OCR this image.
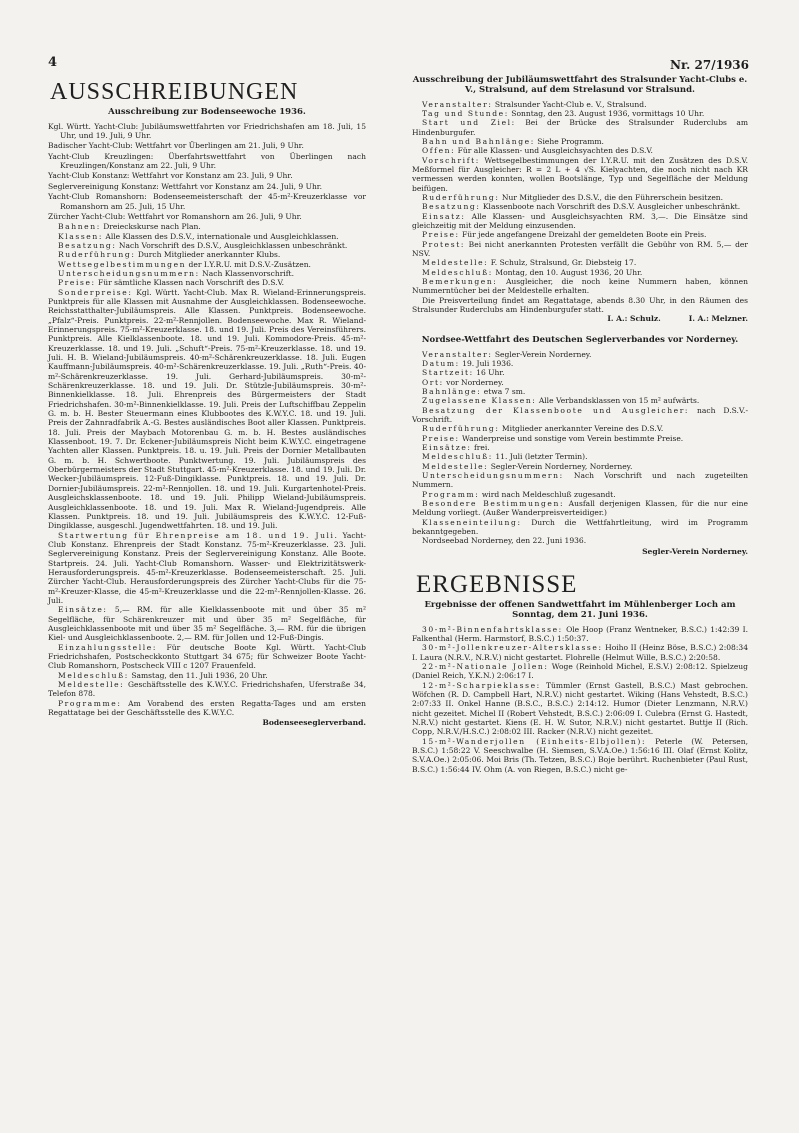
4	Nr. 27/1936
AUSSCHREIBUNGEN
Ausschreibung zur Bodenseewoche 1936.

Kgl. Württ. Yacht-Club: Jubiläumswettfahrten vor Friedrichshafen am 18. Juli, 15 Uhr, und 19. Juli, 9 Uhr.

Badischer Yacht-Club: Wettfahrt vor Überlingen am 21. Juli, 9 Uhr.

Yacht-Club Kreuzlingen: Überfahrtswettfahrt von Überlingen nach Kreuzlingen/Konstanz am 22. Juli, 9 Uhr.

Yacht-Club Konstanz: Wettfahrt vor Konstanz am 23. Juli, 9 Uhr.

Seglervereinigung Konstanz: Wettfahrt vor Konstanz am 24. Juli, 9 Uhr.

Yacht-Club Romanshorn: Bodenseemeisterschaft der 45-m²-Kreuzerklasse vor Romanshorn am 25. Juli, 15 Uhr.

Zürcher Yacht-Club: Wettfahrt vor Romanshorn am 26. Juli, 9 Uhr.

Bahnen: Dreieckskurse nach Plan.

Klassen: Alle Klassen des D.S.V., internationale und Ausgleichklassen.

Besatzung: Nach Vorschrift des D.S.V., Ausgleichklassen unbeschränkt.

Ruderführung: Durch Mitglieder anerkannter Klubs.

Wettsegelbestimmungen der I.Y.R.U. mit D.S.V.-Zusätzen.

Unterscheidungsnummern: Nach Klassenvorschrift.

Preise: Für sämtliche Klassen nach Vorschrift des D.S.V.

Sonderpreise: Kgl. Württ. Yacht-Club. Max R. Wieland-Erinnerungspreis. Punktpreis für alle Klassen mit Ausnahme der Ausgleichklassen. Bodenseewoche. Reichsstatthalter-Jubiläumspreis. Alle Klassen. Punktpreis. Bodenseewoche. „Pfalz“-Preis. Punktpreis. 22-m²-Rennjollen. Bodenseewoche. Max R. Wieland-Erinnerungspreis. 75-m²-Kreuzerklasse. 18. und 19. Juli. Preis des Vereinsführers. Punktpreis. Alle Kielklassenboote. 18. und 19. Juli. Kommodore-Preis. 45-m²-Kreuzerklasse. 18. und 19. Juli. „Schuft“-Preis. 75-m²-Kreuzerklasse. 18. und 19. Juli. H. B. Wieland-Jubiläumspreis. 40-m²-Schärenkreuzerklasse. 18. Juli. Eugen Kauffmann-Jubiläumspreis. 40-m²-Schärenkreuzerklasse. 19. Juli. „Ruth“-Preis. 40-m²-Schärenkreuzerklasse. 19. Juli. Gerhard-Jubiläumspreis. 30-m²-Schärenkreuzerklasse. 18. und 19. Juli. Dr. Stützle-Jubiläumspreis. 30-m²-Binnenkielklasse. 18. Juli. Ehrenpreis des Bürgermeisters der Stadt Friedrichshafen. 30-m²-Binnenkielklasse. 19. Juli. Preis der Luftschiffbau Zeppelin G. m. b. H. Bester Steuermann eines Klubbootes des K.W.Y.C. 18. und 19. Juli. Preis der Zahnradfabrik A.-G. Bestes ausländisches Boot aller Klassen. Punktpreis. 18. Juli. Preis der Maybach Motorenbau G. m. b. H. Bestes ausländisches Klassenboot. 19. 7. Dr. Eckener-Jubiläumspreis Nicht beim K.W.Y.C. eingetragene Yachten aller Klassen. Punktpreis. 18. u. 19. Juli. Preis der Dornier Metallbauten G. m. b. H. Schwertboote. Punktwertung. 19. Juli. Jubiläumspreis des Oberbürgermeisters der Stadt Stuttgart. 45-m²-Kreuzerklasse. 18. und 19. Juli. Dr. Wecker-Jubiläumspreis. 12-Fuß-Dingiklasse. Punktpreis. 18. und 19. Juli. Dr. Dornier-Jubiläumspreis. 22-m²-Rennjollen. 18. und 19. Juli. Kurgartenhotel-Preis. Ausgleichsklassenboote. 18. und 19. Juli. Philipp Wieland-Jubiläumspreis. Ausgleichklassenboote. 18. und 19. Juli. Max R. Wieland-Jugendpreis. Alle Klassen. Punktpreis. 18. und 19. Juli. Jubiläumspreis des K.W.Y.C. 12-Fuß-Dingiklasse, ausgeschl. Jugendwettfahrten. 18. und 19. Juli.

Startwertung für Ehrenpreise am 18. und 19. Juli. Yacht-Club Konstanz. Ehrenpreis der Stadt Konstanz. 75-m²-Kreuzerklasse. 23. Juli. Seglervereinigung Konstanz. Preis der Seglervereinigung Konstanz. Alle Boote. Startpreis. 24. Juli. Yacht-Club Romanshorn. Wasser- und Elektrizitätswerk-Herausforderungspreis. 45-m²-Kreuzerklasse. Bodenseemeisterschaft. 25. Juli. Zürcher Yacht-Club. Herausforderungspreis des Zürcher Yacht-Clubs für die 75-m²-Kreuzer-Klasse, die 45-m²-Kreuzerklasse und die 22-m²-Rennjollen-Klasse. 26. Juli.

Einsätze: 5,— RM. für alle Kielklassenboote mit und über 35 m² Segelfläche, für Schärenkreuzer mit und über 35 m² Segelfläche, für Ausgleichklassenboote mit und über 35 m² Segelfläche. 3,— RM. für die übrigen Kiel- und Ausgleichklassenboote. 2,— RM. für Jollen und 12-Fuß-Dingis.

Einzahlungsstelle: Für deutsche Boote Kgl. Württ. Yacht-Club Friedrichshafen, Postscheckkonto Stuttgart 34 675; für Schweizer Boote Yacht-Club Romanshorn, Postscheck VIII c 1207 Frauenfeld.

Meldeschluß: Samstag, den 11. Juli 1936, 20 Uhr.

Meldestelle: Geschäftsstelle des K.W.Y.C. Friedrichshafen, Uferstraße 34, Telefon 878.

Programme: Am Vorabend des ersten Regatta-Tages und am ersten Regattatage bei der Geschäftsstelle des K.W.Y.C.

Bodenseeseglerverband.

Ausschreibung der Jubiläumswettfahrt des Stralsunder Yacht-Clubs e. V., Stralsund, auf dem Strelasund vor Stralsund.

Veranstalter: Stralsunder Yacht-Club e. V., Stralsund.

Tag und Stunde: Sonntag, den 23. August 1936, vormittags 10 Uhr.

Start und Ziel: Bei der Brücke des Stralsunder Ruderclubs am Hindenburgufer.

Bahn und Bahnlänge: Siehe Programm.

Offen: Für alle Klassen- und Ausgleichsyachten des D.S.V.

Vorschrift: Wettsegelbestimmungen der I.Y.R.U. mit den Zusätzen des D.S.V. Meßformel für Ausgleicher: R = 2 L + 4 √S. Kielyachten, die noch nicht nach KR vermessen werden konnten, wollen Bootslänge, Typ und Segelfläche der Meldung beifügen.

Ruderführung: Nur Mitglieder des D.S.V., die den Führerschein besitzen.

Besatzung: Klassenboote nach Vorschrift des D.S.V. Ausgleicher unbeschränkt.

Einsatz: Alle Klassen- und Ausgleichsyachten RM. 3,—. Die Einsätze sind gleichzeitig mit der Meldung einzusenden.

Preise: Für jede angefangene Dreizahl der gemeldeten Boote ein Preis.

Protest: Bei nicht anerkannten Protesten verfällt die Gebühr von RM. 5,— der NSV.

Meldestelle: F. Schulz, Stralsund, Gr. Diebsteig 17.

Meldeschluß: Montag, den 10. August 1936, 20 Uhr.

Bemerkungen: Ausgleicher, die noch keine Nummern haben, können Nummerntücher bei der Meldestelle erhalten.

Die Preisverteilung findet am Regattatage, abends 8.30 Uhr, in den Räumen des Stralsunder Ruderclubs am Hindenburgufer statt.

I. A.: Schulz.	I. A.: Melzner.
Nordsee-Wettfahrt des Deutschen Seglerverbandes vor Norderney.

Veranstalter: Segler-Verein Norderney.

Datum: 19. Juli 1936.

Startzeit: 16 Uhr.

Ort: vor Norderney.

Bahnlänge: etwa 7 sm.

Zugelassene Klassen: Alle Verbandsklassen von 15 m² aufwärts.

Besatzung der Klassenboote und Ausgleicher: nach D.S.V.-Vorschrift.

Ruderführung: Mitglieder anerkannter Vereine des D.S.V.

Preise: Wanderpreise und sonstige vom Verein bestimmte Preise.

Einsätze: frei.

Meldeschluß: 11. Juli (letzter Termin).

Meldestelle: Segler-Verein Norderney, Norderney.

Unterscheidungsnummern: Nach Vorschrift und nach zugeteilten Nummern.

Programm: wird nach Meldeschluß zugesandt.

Besondere Bestimmungen: Ausfall derjenigen Klassen, für die nur eine Meldung vorliegt. (Außer Wanderpreisverteidiger.)

Klasseneinteilung: Durch die Wettfahrtleitung, wird im Programm bekanntgegeben.

Nordseebad Norderney, den 22. Juni 1936.

Segler-Verein Norderney.

ERGEBNISSE
Ergebnisse der offenen Sandwettfahrt im Mühlenberger Loch am Sonntag, dem 21. Juni 1936.

30-m²-Binnenfahrtsklasse: Ole Hoop (Franz Wentneker, B.S.C.) 1:42:39 I. Falkenthal (Herm. Harmstorf, B.S.C.) 1:50:37.

30-m²-Jollenkreuzer-Altersklasse: Hoiho II (Heinz Böse, B.S.C.) 2:08:34 I. Laura (N.R.V., N.R.V.) nicht gestartet. Flohrelle (Helmut Wille, B.S.C.) 2:20:58.

22-m²-Nationale Jollen: Woge (Reinhold Michel, E.S.V.) 2:08:12. Spielzeug (Daniel Reich, Y.K.N.) 2:06:17 I.

12-m²-Scharpieklasse: Tümmler (Ernst Gastell, B.S.C.) Mast gebrochen. Wöfchen (R. D. Campbell Hart, N.R.V.) nicht gestartet. Wiking (Hans Vehstedt, B.S.C.) 2:07:33 II. Onkel Hanne (B.S.C., B.S.C.) 2:14:12. Humor (Dieter Lenzmann, N.R.V.) nicht gezeitet. Michel II (Robert Vehstedt, B.S.C.) 2:06:09 I. Culebra (Ernst G. Hastedt, N.R.V.) nicht gestartet. Kiens (E. H. W. Sutor, N.R.V.) nicht gestartet. Buttje II (Rich. Copp, N.R.V./H.S.C.) 2:08:02 III. Racker (N.R.V.) nicht gezeitet.

15-m²-Wanderjollen (Einheits-Elbjollen): Peterle (W. Petersen, B.S.C.) 1:58:22 V. Seeschwalbe (H. Siemsen, S.V.A.Oe.) 1:56:16 III. Olaf (Ernst Kolitz, S.V.A.Oe.) 2:05:06. Moi Bris (Th. Tetzen, B.S.C.) Boje berührt. Ruchenbieter (Paul Rust, B.S.C.) 1:56:44 IV. Ohm (A. von Riegen, B.S.C.) nicht ge-
